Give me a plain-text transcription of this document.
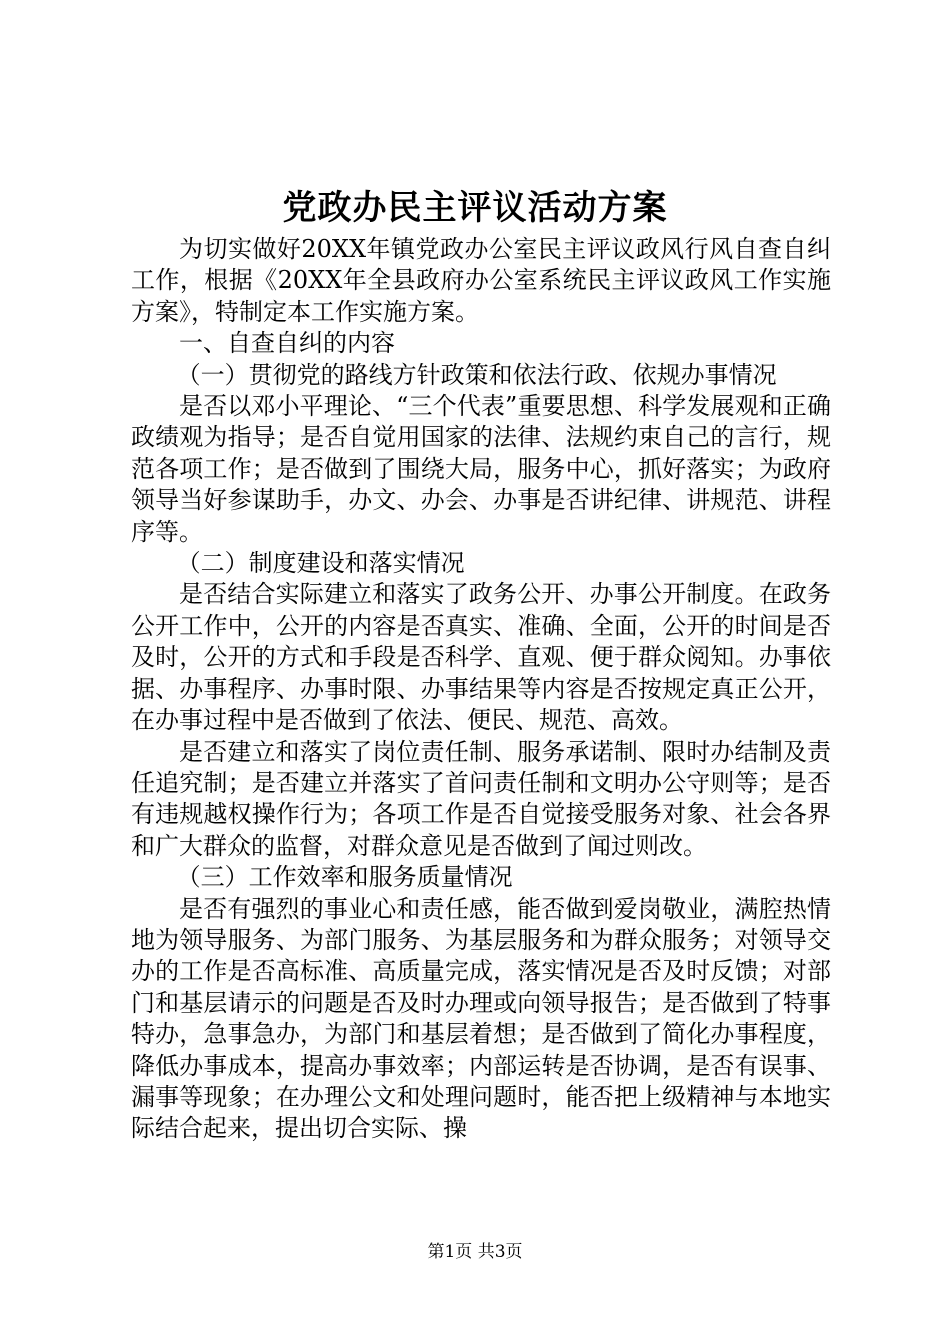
党政办民主评议活动方案

为切实做好20XX年镇党政办公室民主评议政风行风自查自纠工作，根据《20XX年全县政府办公室系统民主评议政风工作实施方案》，特制定本工作实施方案。

一、自查自纠的内容

（一）贯彻党的路线方针政策和依法行政、依规办事情况

是否以邓小平理论、“三个代表”重要思想、科学发展观和正确政绩观为指导；是否自觉用国家的法律、法规约束自己的言行，规范各项工作；是否做到了围绕大局，服务中心，抓好落实；为政府领导当好参谋助手，办文、办会、办事是否讲纪律、讲规范、讲程序等。

（二）制度建设和落实情况

是否结合实际建立和落实了政务公开、办事公开制度。在政务公开工作中，公开的内容是否真实、准确、全面，公开的时间是否及时，公开的方式和手段是否科学、直观、便于群众阅知。办事依据、办事程序、办事时限、办事结果等内容是否按规定真正公开，在办事过程中是否做到了依法、便民、规范、高效。

是否建立和落实了岗位责任制、服务承诺制、限时办结制及责任追究制；是否建立并落实了首问责任制和文明办公守则等；是否有违规越权操作行为；各项工作是否自觉接受服务对象、社会各界和广大群众的监督，对群众意见是否做到了闻过则改。

（三）工作效率和服务质量情况

是否有强烈的事业心和责任感，能否做到爱岗敬业，满腔热情地为领导服务、为部门服务、为基层服务和为群众服务；对领导交办的工作是否高标准、高质量完成，落实情况是否及时反馈；对部门和基层请示的问题是否及时办理或向领导报告；是否做到了特事特办，急事急办，为部门和基层着想；是否做到了简化办事程度，降低办事成本，提高办事效率；内部运转是否协调，是否有误事、漏事等现象；在办理公文和处理问题时，能否把上级精神与本地实际结合起来，提出切合实际、操

第1页 共3页
